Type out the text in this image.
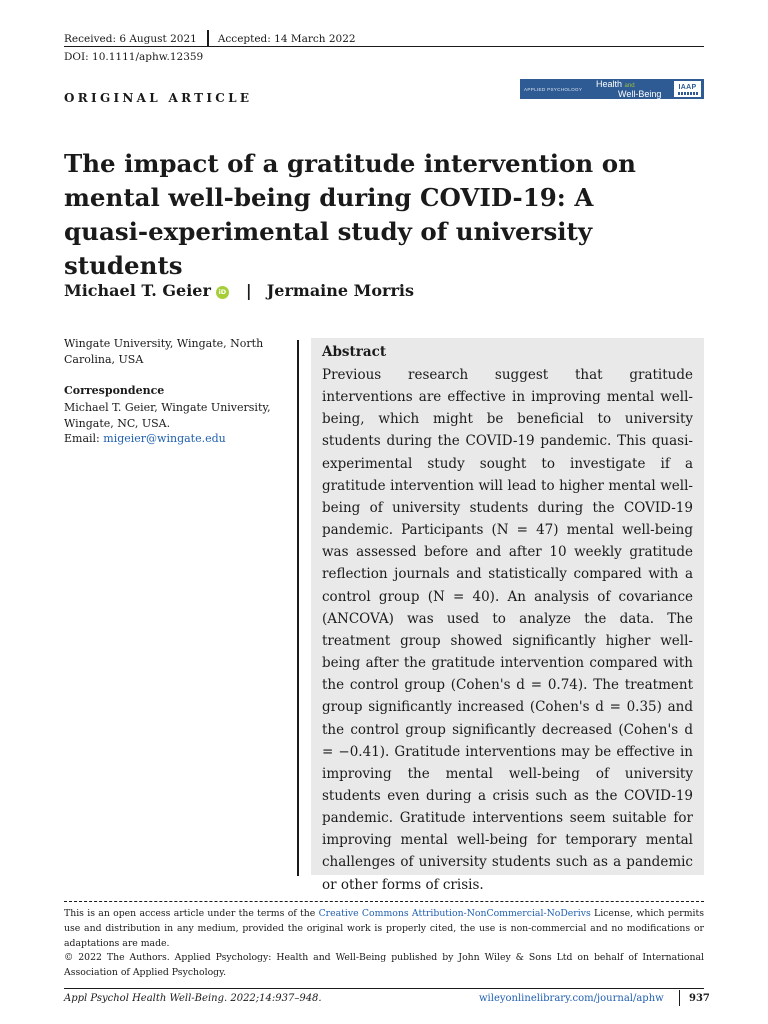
Received: 6 August 2021 Accepted: 14 March 2022
DOI: 10.1111/aphw.12359
APPLIED PSYCHOLOGY	Health and
Well-Being
IAAP
ORIGINAL ARTICLE
The impact of a gratitude intervention on mental well-being during COVID-19: A quasi-experimental study of university students
Michael T. Geier iD | Jermaine Morris

Wingate University, Wingate, North Carolina, USA

Correspondence

Michael T. Geier, Wingate University, Wingate, NC, USA.
Email: migeier@wingate.edu

Abstract

Previous research suggest that gratitude interventions are effective in improving mental well-being, which might be beneficial to university students during the COVID-19 pandemic. This quasi-experimental study sought to investigate if a gratitude intervention will lead to higher mental well-being of university students during the COVID-19 pandemic. Participants (N = 47) mental well-being was assessed before and after 10 weekly gratitude reflection journals and statistically compared with a control group (N = 40). An analysis of covariance (ANCOVA) was used to analyze the data. The treatment group showed significantly higher well-being after the gratitude intervention compared with the control group (Cohen's d = 0.74). The treatment group significantly increased (Cohen's d = 0.35) and the control group significantly decreased (Cohen's d = −0.41). Gratitude interventions may be effective in improving the mental well-being of university students even during a crisis such as the COVID-19 pandemic. Gratitude interventions seem suitable for improving mental well-being for temporary mental challenges of university students such as a pandemic or other forms of crisis.

This is an open access article under the terms of the Creative Commons Attribution-NonCommercial-NoDerivs License, which permits use and distribution in any medium, provided the original work is properly cited, the use is non-commercial and no modifications or adaptations are made.

© 2022 The Authors. Applied Psychology: Health and Well-Being published by John Wiley & Sons Ltd on behalf of International Association of Applied Psychology.

Appl Psychol Health Well-Being. 2022;14:937–948.	wileyonlinelibrary.com/journal/aphw	937
